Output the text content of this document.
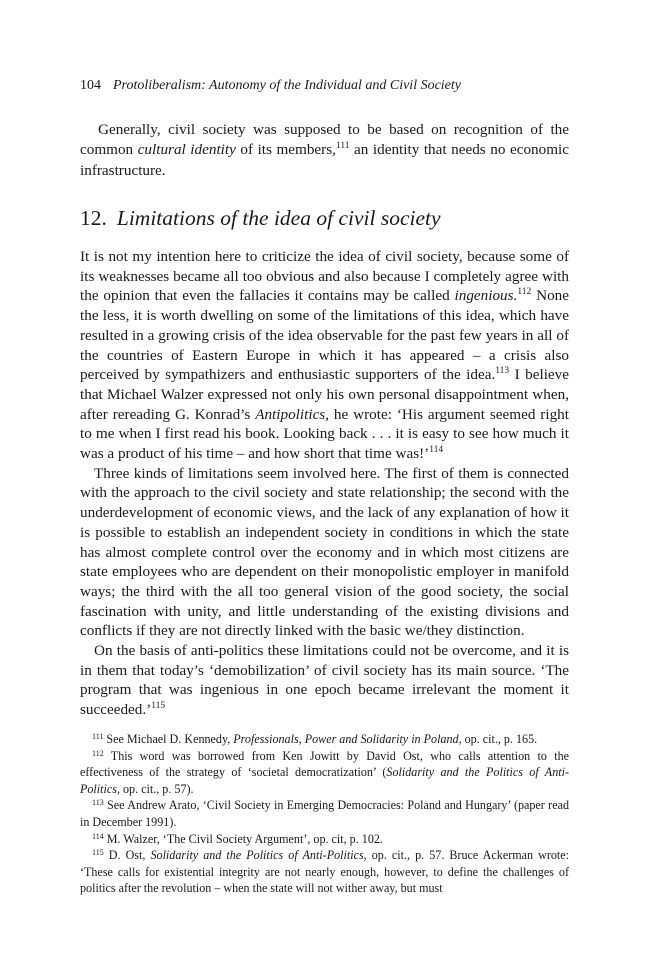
104 Protoliberalism: Autonomy of the Individual and Civil Society
Generally, civil society was supposed to be based on recognition of the common cultural identity of its members,$^{111}$ an identity that needs no economic infrastructure.
12. Limitations of the idea of civil society

It is not my intention here to criticize the idea of civil society, because some of its weaknesses became all too obvious and also because I completely agree with the opinion that even the fallacies it contains may be called ingenious.$^{112}$ None the less, it is worth dwelling on some of the limitations of this idea, which have resulted in a growing crisis of the idea observable for the past few years in all of the countries of Eastern Europe in which it has appeared – a crisis also perceived by sympathizers and enthusiastic supporters of the idea.$^{113}$ I believe that Michael Walzer expressed not only his own personal disappointment when, after rereading G. Konrad’s Antipolitics, he wrote: ‘His argument seemed right to me when I first read his book. Looking back . . . it is easy to see how much it was a product of his time – and how short that time was!’$^{114}$

Three kinds of limitations seem involved here. The first of them is connected with the approach to the civil society and state relationship; the second with the underdevelopment of economic views, and the lack of any explanation of how it is possible to establish an independent society in conditions in which the state has almost complete control over the economy and in which most citizens are state employees who are dependent on their monopolistic employer in manifold ways; the third with the all too general vision of the good society, the social fascination with unity, and little understanding of the existing divisions and conflicts if they are not directly linked with the basic we/they distinction.

On the basis of anti-politics these limitations could not be overcome, and it is in them that today’s ‘demobilization’ of civil society has its main source. ‘The program that was ingenious in one epoch became irrelevant the moment it succeeded.’$^{115}$

$^{111}$ See Michael D. Kennedy, Professionals, Power and Solidarity in Poland, op. cit., p. 165.

$^{112}$ This word was borrowed from Ken Jowitt by David Ost, who calls attention to the effectiveness of the strategy of ‘societal democratization’ (Solidarity and the Politics of Anti-Politics, op. cit., p. 57).

$^{113}$ See Andrew Arato, ‘Civil Society in Emerging Democracies: Poland and Hungary’ (paper read in December 1991).

$^{114}$ M. Walzer, ‘The Civil Society Argument’, op. cit, p. 102.

$^{115}$ D. Ost, Solidarity and the Politics of Anti-Politics, op. cit., p. 57. Bruce Ackerman wrote: ‘These calls for existential integrity are not nearly enough, however, to define the challenges of politics after the revolution – when the state will not wither away, but must
